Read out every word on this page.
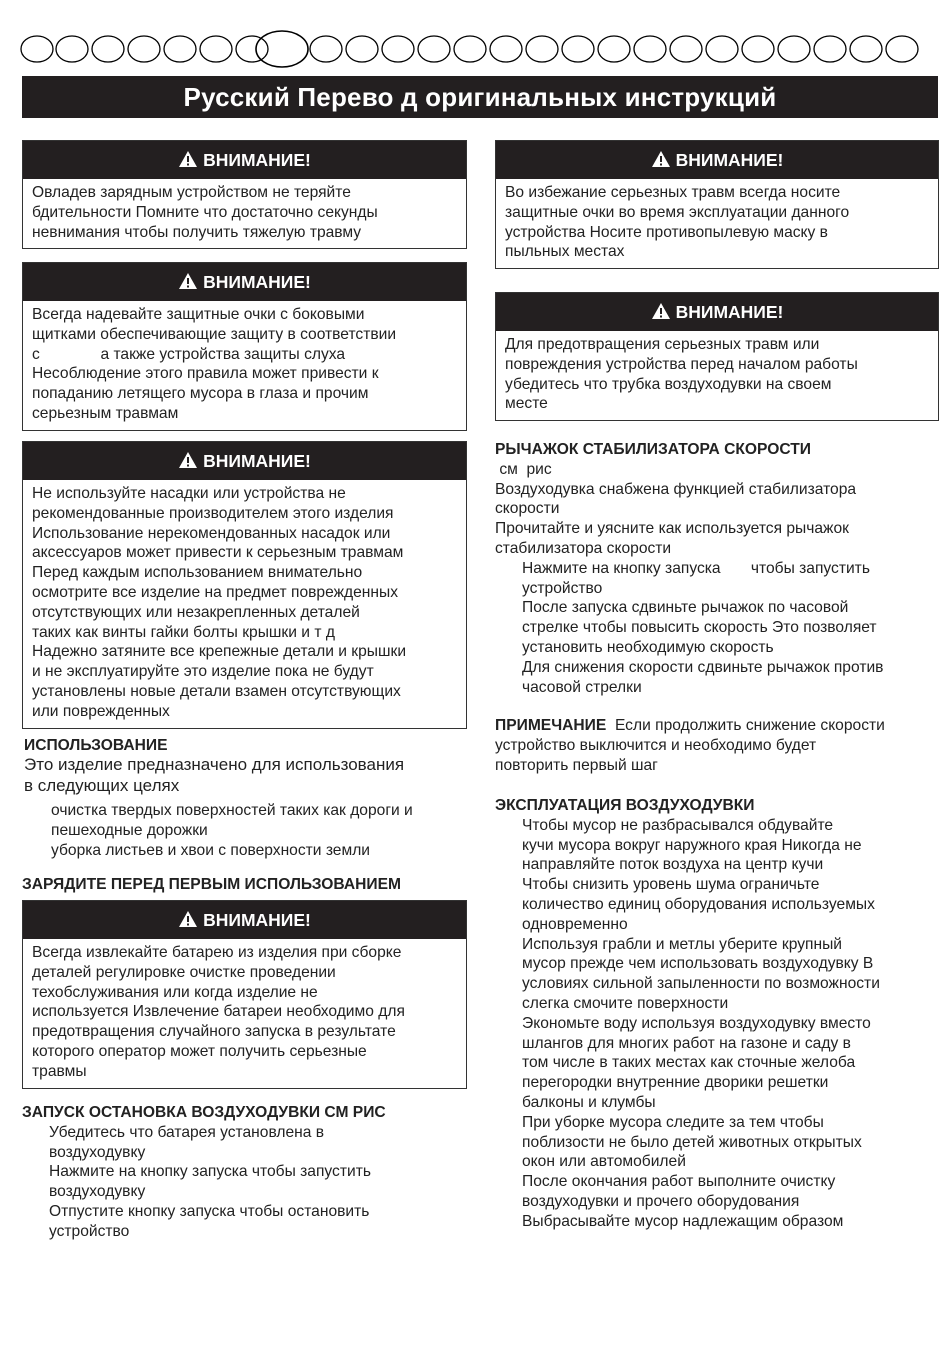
Русский Перево д оригинальных инструкций
ВНИМАНИЕ!
Овладев зарядным устройством не теряйте
бдительности Помните что достаточно секунды
невнимания чтобы получить тяжелую травму
ВНИМАНИЕ!
Всегда надевайте защитные очки с боковыми
щитками обеспечивающие защиту в соответствии
с              а также устройства защиты слуха
Несоблюдение этого правила может привести к
попаданию летящего мусора в глаза и прочим
серьезным травмам
ВНИМАНИЕ!
Не используйте насадки или устройства не
рекомендованные производителем этого изделия
Использование нерекомендованных насадок или
аксессуаров может привести к серьезным травмам
Перед каждым использованием внимательно
осмотрите все изделие на предмет поврежденных
отсутствующих или незакрепленных деталей
таких как винты гайки болты крышки и т д
Надежно затяните все крепежные детали и крышки
и не эксплуатируйте это изделие пока не будут
установлены новые детали взамен отсутствующих
или поврежденных
ИСПОЛЬЗОВАНИЕ
Это изделие предназначено для использования
в следующих целях
очистка твердых поверхностей таких как дороги и
пешеходные дорожки
уборка листьев и хвои с поверхности земли
ЗАРЯДИТЕ ПЕРЕД ПЕРВЫМ ИСПОЛЬЗОВАНИЕМ
ВНИМАНИЕ!
Всегда извлекайте батарею из изделия при сборке
деталей регулировке очистке проведении
техобслуживания или когда изделие не
используется Извлечение батареи необходимо для
предотвращения случайного запуска в результате
которого оператор может получить серьезные
травмы
ЗАПУСК ОСТАНОВКА ВОЗДУХОДУВКИ СМ РИС
Убедитесь что батарея установлена в
воздуходувку
Нажмите на кнопку запуска чтобы запустить
воздуходувку
Отпустите кнопку запуска чтобы остановить
устройство
ВНИМАНИЕ!
Во избежание серьезных травм всегда носите
защитные очки во время эксплуатации данного
устройства Носите противопылевую маску в
пыльных местах
ВНИМАНИЕ!
Для предотвращения серьезных травм или
повреждения устройства перед началом работы
убедитесь что трубка воздуходувки на своем
месте
РЫЧАЖОК СТАБИЛИЗАТОРА СКОРОСТИ
см  рис
Воздуходувка снабжена функцией стабилизатора
скорости
Прочитайте и уясните как используется рычажок
стабилизатора скорости
Нажмите на кнопку запуска       чтобы запустить
устройство
После запуска сдвиньте рычажок по часовой
стрелке чтобы повысить скорость Это позволяет
установить необходимую скорость
Для снижения скорости сдвиньте рычажок против
часовой стрелки
ПРИМЕЧАНИЕ  Если продолжить снижение скорости
устройство выключится и необходимо будет
повторить первый шаг
ЭКСПЛУАТАЦИЯ ВОЗДУХОДУВКИ
Чтобы мусор не разбрасывался обдувайте
кучи мусора вокруг наружного края Никогда не
направляйте поток воздуха на центр кучи
Чтобы снизить уровень шума ограничьте
количество единиц оборудования используемых
одновременно
Используя грабли и метлы уберите крупный
мусор прежде чем использовать воздуходувку В
условиях сильной запыленности по возможности
слегка смочите поверхности
Экономьте воду используя воздуходувку вместо
шлангов для многих работ на газоне и саду в
том числе в таких местах как сточные желоба
перегородки внутренние дворики решетки
балконы и клумбы
При уборке мусора следите за тем чтобы
поблизости не было детей животных открытых
окон или автомобилей
После окончания работ выполните очистку
воздуходувки и прочего оборудования
Выбрасывайте мусор надлежащим образом
